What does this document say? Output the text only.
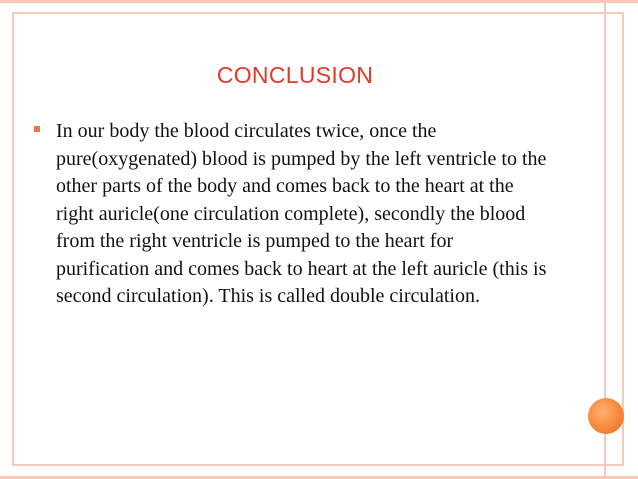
CONCLUSION
In our body the blood circulates twice, once the pure(oxygenated) blood is pumped by the left ventricle to the other parts of the body and comes back to the heart at the right auricle(one circulation complete), secondly the blood from the right ventricle is pumped to the heart for purification and comes back to heart at the left auricle (this is second circulation). This is called double circulation.
